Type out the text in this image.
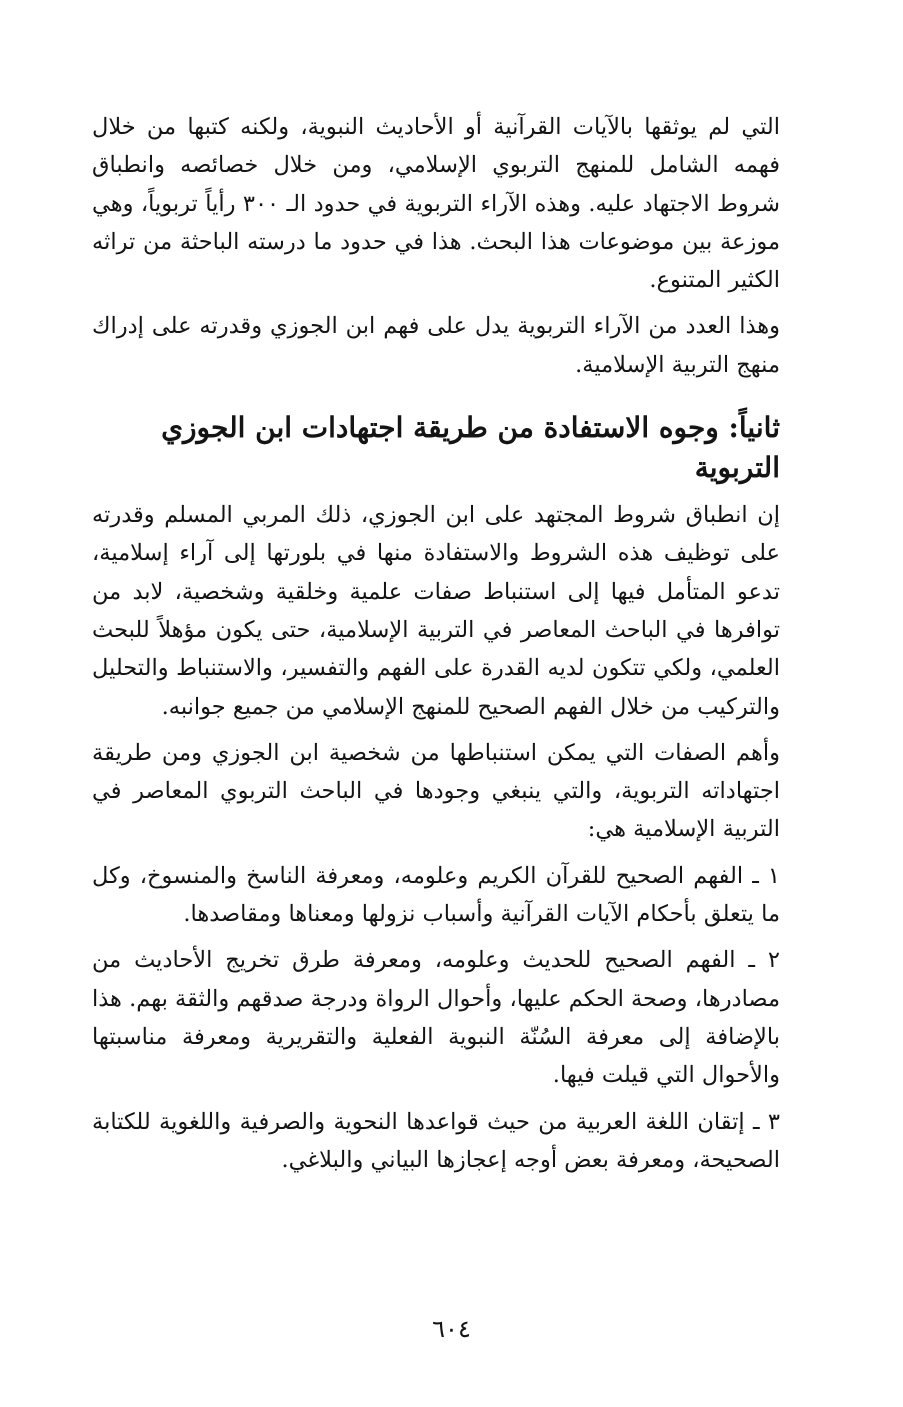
التي لم يوثقها بالآيات القرآنية أو الأحاديث النبوية، ولكنه كتبها من خلال فهمه الشامل للمنهج التربوي الإسلامي، ومن خلال خصائصه وانطباق شروط الاجتهاد عليه. وهذه الآراء التربوية في حدود الـ ٣٠٠ رأياً تربوياً، وهي موزعة بين موضوعات هذا البحث. هذا في حدود ما درسته الباحثة من تراثه الكثير المتنوع.

وهذا العدد من الآراء التربوية يدل على فهم ابن الجوزي وقدرته على إدراك منهج التربية الإسلامية.

ثانياً: وجوه الاستفادة من طريقة اجتهادات ابن الجوزي التربوية

إن انطباق شروط المجتهد على ابن الجوزي، ذلك المربي المسلم وقدرته على توظيف هذه الشروط والاستفادة منها في بلورتها إلى آراء إسلامية، تدعو المتأمل فيها إلى استنباط صفات علمية وخلقية وشخصية، لابد من توافرها في الباحث المعاصر في التربية الإسلامية، حتى يكون مؤهلاً للبحث العلمي، ولكي تتكون لديه القدرة على الفهم والتفسير، والاستنباط والتحليل والتركيب من خلال الفهم الصحيح للمنهج الإسلامي من جميع جوانبه.

وأهم الصفات التي يمكن استنباطها من شخصية ابن الجوزي ومن طريقة اجتهاداته التربوية، والتي ينبغي وجودها في الباحث التربوي المعاصر في التربية الإسلامية هي:

١ ـ الفهم الصحيح للقرآن الكريم وعلومه، ومعرفة الناسخ والمنسوخ، وكل ما يتعلق بأحكام الآيات القرآنية وأسباب نزولها ومعناها ومقاصدها.

٢ ـ الفهم الصحيح للحديث وعلومه، ومعرفة طرق تخريج الأحاديث من مصادرها، وصحة الحكم عليها، وأحوال الرواة ودرجة صدقهم والثقة بهم. هذا بالإضافة إلى معرفة السُنّة النبوية الفعلية والتقريرية ومعرفة مناسبتها والأحوال التي قيلت فيها.

٣ ـ إتقان اللغة العربية من حيث قواعدها النحوية والصرفية واللغوية للكتابة الصحيحة، ومعرفة بعض أوجه إعجازها البياني والبلاغي.

٦٠٤
